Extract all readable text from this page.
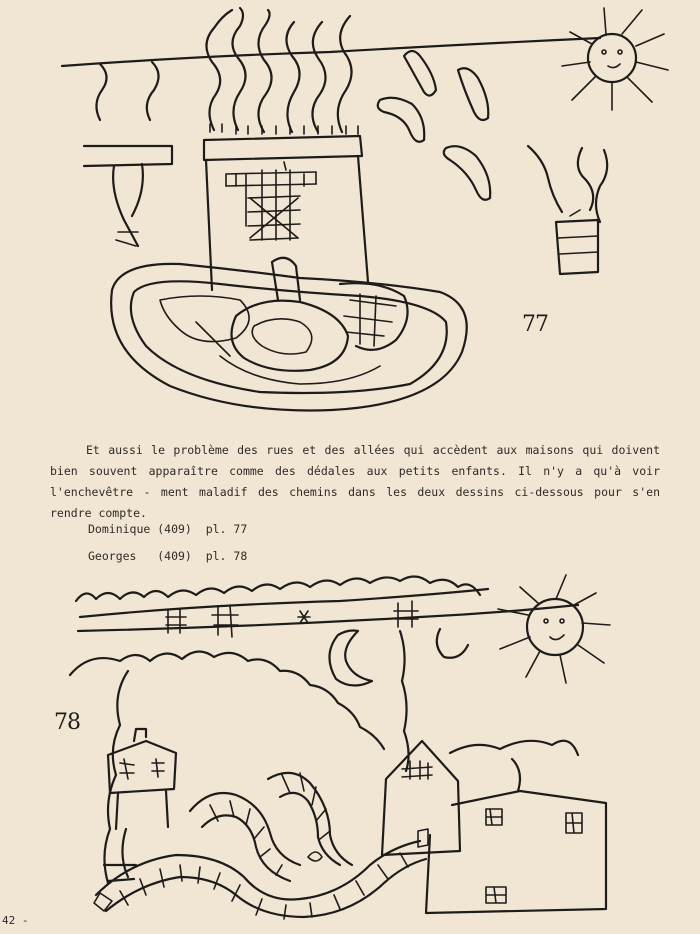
77

Et aussi le problème des rues et des allées qui accèdent aux maisons qui doivent bien souvent apparaître comme des dédales aux petits enfants. Il n'y a qu'à voir l'enchevêtre - ment maladif des chemins dans les deux dessins ci-dessous pour s'en rendre compte.

Dominique (409)  pl. 77
Georges   (409)  pl. 78
78
42 -
